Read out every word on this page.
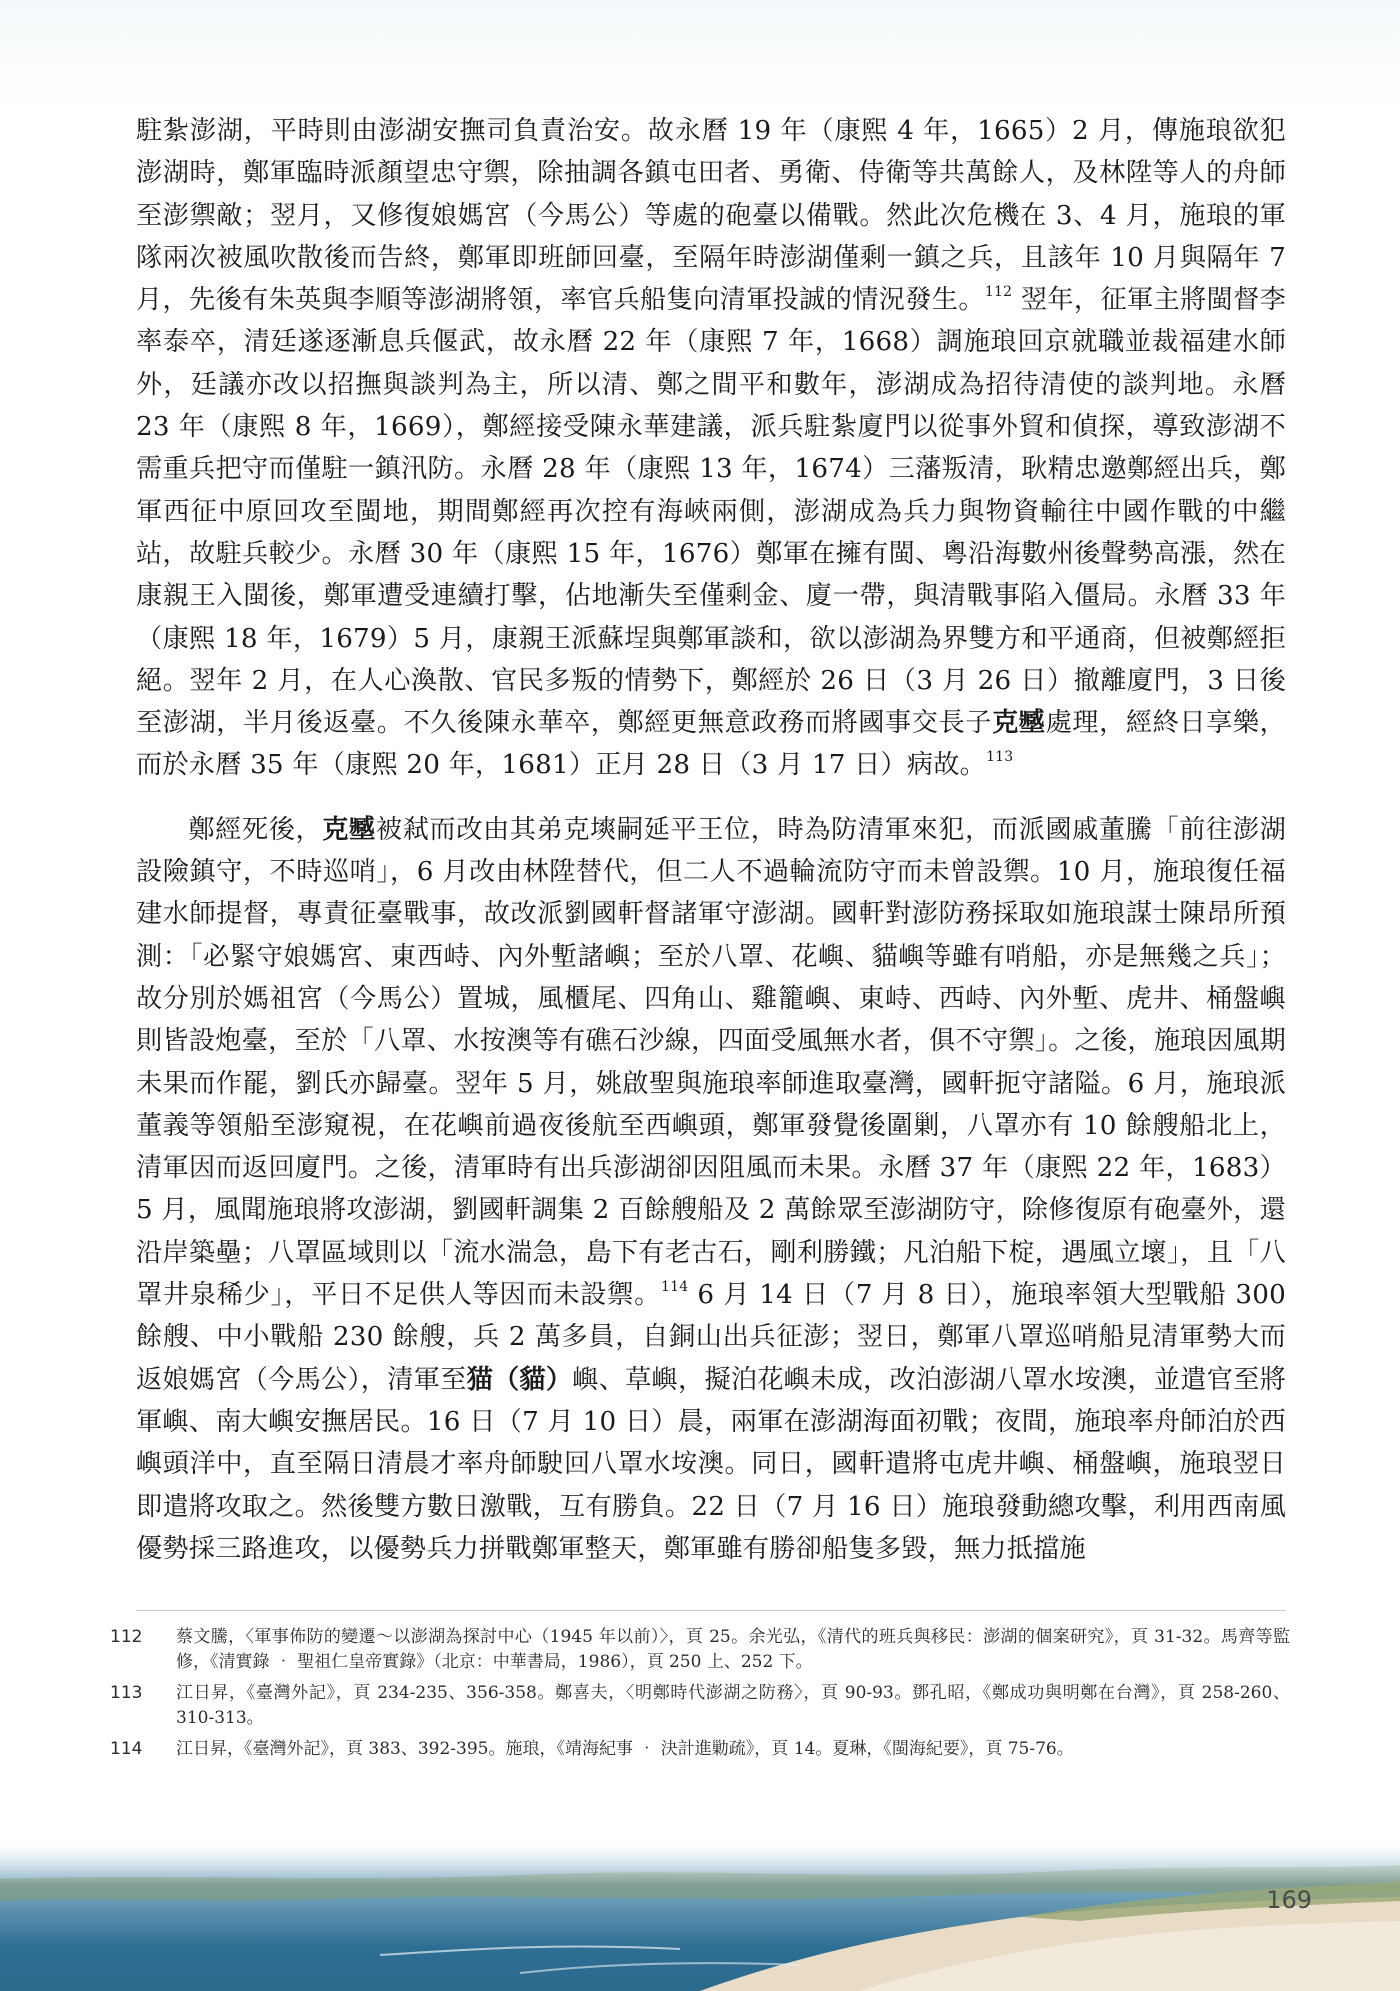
駐紮澎湖，平時則由澎湖安撫司負責治安。故永曆 19 年（康熙 4 年，1665）2 月，傳施琅欲犯澎湖時，鄭軍臨時派顏望忠守禦，除抽調各鎮屯田者、勇衛、侍衛等共萬餘人，及林陞等人的舟師至澎禦敵；翌月，又修復娘媽宮（今馬公）等處的砲臺以備戰。然此次危機在 3、4 月，施琅的軍隊兩次被風吹散後而告終，鄭軍即班師回臺，至隔年時澎湖僅剩一鎮之兵，且該年 10 月與隔年 7 月，先後有朱英與李順等澎湖將領，率官兵船隻向清軍投誠的情況發生。$^{112}$ 翌年，征軍主將閩督李率泰卒，清廷遂逐漸息兵偃武，故永曆 22 年（康熙 7 年，1668）調施琅回京就職並裁福建水師外，廷議亦改以招撫與談判為主，所以清、鄭之間平和數年，澎湖成為招待清使的談判地。永曆 23 年（康熙 8 年，1669），鄭經接受陳永華建議，派兵駐紮廈門以從事外貿和偵探，導致澎湖不需重兵把守而僅駐一鎮汛防。永曆 28 年（康熙 13 年，1674）三藩叛清，耿精忠邀鄭經出兵，鄭軍西征中原回攻至閩地，期間鄭經再次控有海峽兩側，澎湖成為兵力與物資輸往中國作戰的中繼站，故駐兵較少。永曆 30 年（康熙 15 年，1676）鄭軍在擁有閩、粵沿海數州後聲勢高漲，然在康親王入閩後，鄭軍遭受連續打擊，佔地漸失至僅剩金、廈一帶，與清戰事陷入僵局。永曆 33 年（康熙 18 年，1679）5 月，康親王派蘇埕與鄭軍談和，欲以澎湖為界雙方和平通商，但被鄭經拒絕。翌年 2 月，在人心渙散、官民多叛的情勢下，鄭經於 26 日（3 月 26 日）撤離廈門，3 日後至澎湖，半月後返臺。不久後陳永華卒，鄭經更無意政務而將國事交長子克𡒉處理，經終日享樂，而於永曆 35 年（康熙 20 年，1681）正月 28 日（3 月 17 日）病故。$^{113}$

鄭經死後，克𡒉被弒而改由其弟克塽嗣延平王位，時為防清軍來犯，而派國戚董騰「前往澎湖設險鎮守，不時巡哨」，6 月改由林陞替代，但二人不過輪流防守而未曾設禦。10 月，施琅復任福建水師提督，專責征臺戰事，故改派劉國軒督諸軍守澎湖。國軒對澎防務採取如施琅謀士陳昂所預測：「必緊守娘媽宮、東西峙、內外塹諸嶼；至於八罩、花嶼、貓嶼等雖有哨船，亦是無幾之兵」；故分別於媽祖宮（今馬公）置城，風櫃尾、四角山、雞籠嶼、東峙、西峙、內外塹、虎井、桶盤嶼則皆設炮臺，至於「八罩、水按澳等有礁石沙線，四面受風無水者，俱不守禦」。之後，施琅因風期未果而作罷，劉氏亦歸臺。翌年 5 月，姚啟聖與施琅率師進取臺灣，國軒扼守諸隘。6 月，施琅派董義等領船至澎窺視，在花嶼前過夜後航至西嶼頭，鄭軍發覺後圍剿，八罩亦有 10 餘艘船北上，清軍因而返回廈門。之後，清軍時有出兵澎湖卻因阻風而未果。永曆 37 年（康熙 22 年，1683）5 月，風聞施琅將攻澎湖，劉國軒調集 2 百餘艘船及 2 萬餘眾至澎湖防守，除修復原有砲臺外，還沿岸築壘；八罩區域則以「流水湍急，島下有老古石，剛利勝鐵；凡泊船下椗，遇風立壞」，且「八罩井泉稀少」，平日不足供人等因而未設禦。$^{114}$ 6 月 14 日（7 月 8 日），施琅率領大型戰船 300 餘艘、中小戰船 230 餘艘，兵 2 萬多員，自銅山出兵征澎；翌日，鄭軍八罩巡哨船見清軍勢大而返娘媽宮（今馬公），清軍至猫（貓）嶼、草嶼，擬泊花嶼未成，改泊澎湖八罩水垵澳，並遣官至將軍嶼、南大嶼安撫居民。16 日（7 月 10 日）晨，兩軍在澎湖海面初戰；夜間，施琅率舟師泊於西嶼頭洋中，直至隔日清晨才率舟師駛回八罩水垵澳。同日，國軒遣將屯虎井嶼、桶盤嶼，施琅翌日即遣將攻取之。然後雙方數日激戰，互有勝負。22 日（7 月 16 日）施琅發動總攻擊，利用西南風優勢採三路進攻，以優勢兵力拼戰鄭軍整天，鄭軍雖有勝卻船隻多毀，無力抵擋施

112	蔡文騰，〈軍事佈防的變遷～以澎湖為探討中心（1945 年以前）〉，頁 25。余光弘，《清代的班兵與移民：澎湖的個案研究》，頁 31-32。馬齊等監修，《清實錄 ‧ 聖祖仁皇帝實錄》（北京：中華書局，1986），頁 250 上、252 下。
113	江日昇，《臺灣外記》，頁 234-235、356-358。鄭喜夫，〈明鄭時代澎湖之防務〉，頁 90-93。鄧孔昭，《鄭成功與明鄭在台灣》，頁 258-260、310-313。
114	江日昇，《臺灣外記》，頁 383、392-395。施琅，《靖海紀事 ‧ 決計進勦疏》，頁 14。夏琳，《閩海紀要》，頁 75-76。
169
